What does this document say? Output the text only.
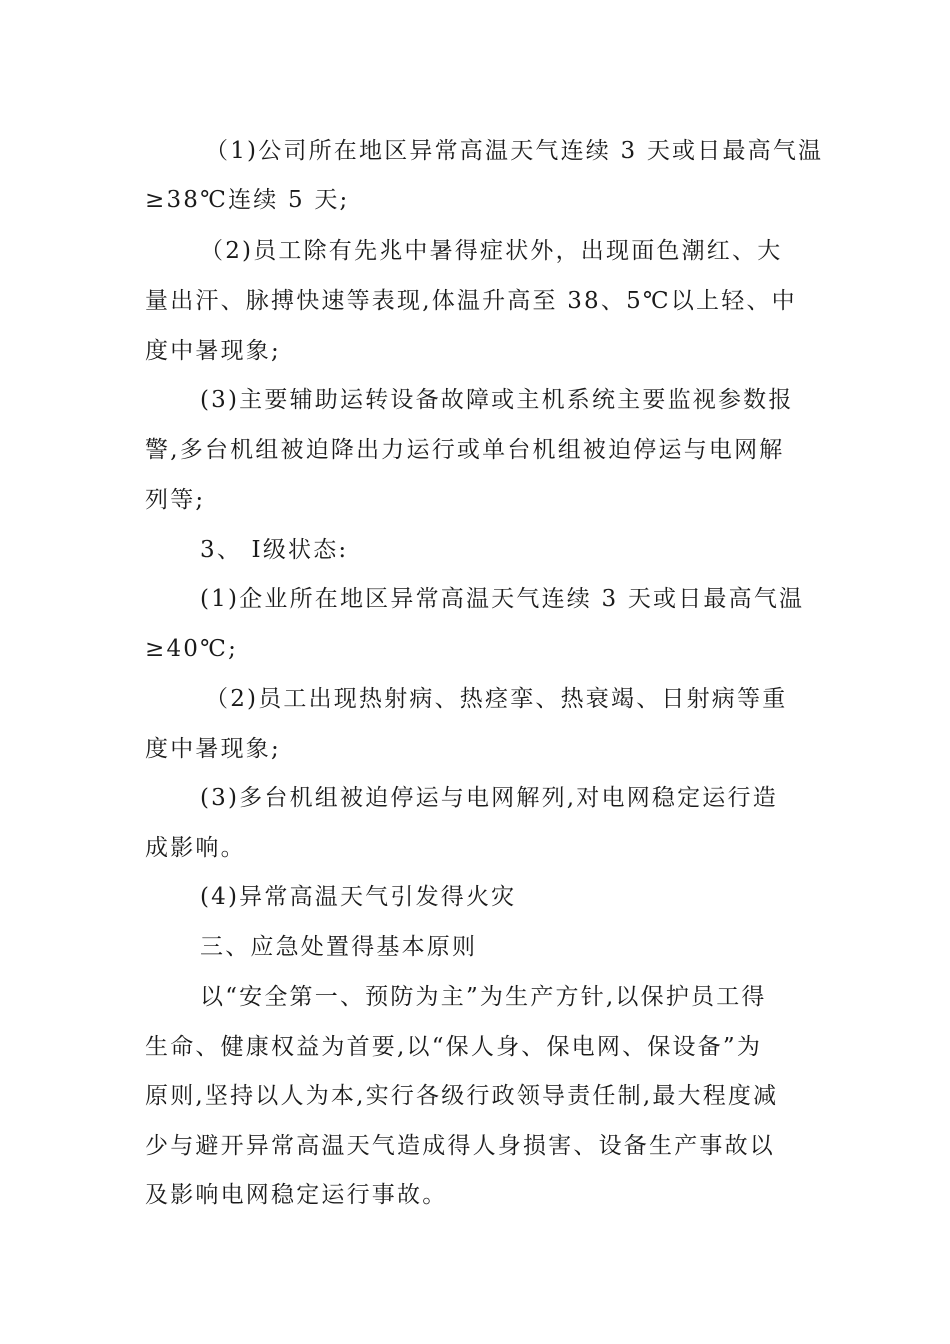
（1)公司所在地区异常高温天气连续 3 天或日最高气温
≥38℃连续 5 天;
（2)员工除有先兆中暑得症状外，出现面色潮红、大
量出汗、脉搏快速等表现,体温升高至 38、5℃以上轻、中
度中暑现象;
(3)主要辅助运转设备故障或主机系统主要监视参数报
警,多台机组被迫降出力运行或单台机组被迫停运与电网解
列等;
3、 Ⅰ级状态:
(1)企业所在地区异常高温天气连续 3 天或日最高气温
≥40℃;
（2)员工出现热射病、热痉挛、热衰竭、日射病等重
度中暑现象;
(3)多台机组被迫停运与电网解列,对电网稳定运行造
成影响。
(4)异常高温天气引发得火灾
三、应急处置得基本原则
以“安全第一、预防为主”为生产方针,以保护员工得
生命、健康权益为首要,以“保人身、保电网、保设备”为
原则,坚持以人为本,实行各级行政领导责任制,最大程度减
少与避开异常高温天气造成得人身损害、设备生产事故以
及影响电网稳定运行事故。
